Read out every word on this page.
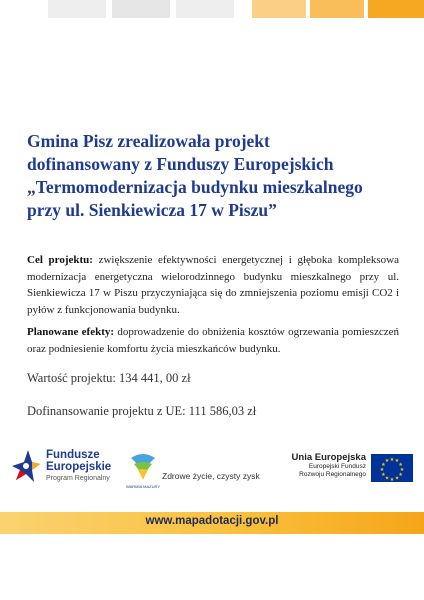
Gmina Pisz zrealizowała projekt
dofinansowany z Funduszy Europejskich
„Termomodernizacja budynku mieszkalnego
przy ul. Sienkiewicza 17 w Piszu”

Cel projektu: zwiększenie efektywności energetycznej i głęboka kompleksowa modernizacja energetyczna wielorodzinnego budynku mieszkalnego przy ul. Sienkiewicza 17 w Piszu przyczyniająca się do zmniejszenia poziomu emisji CO2 i pyłów z funkcjonowania budynku.

Planowane efekty: doprowadzenie do obniżenia kosztów ogrzewania pomieszczeń oraz podniesienie komfortu życia mieszkańców budynku.

Wartość projektu: 134 441, 00 zł
Dofinansowanie projektu z UE: 111 586,03 zł
Fundusze
Europejskie
Program Regionalny
WARMIA MAZURY
Zdrowe życie, czysty zysk
Unia Europejska
Europejski Fundusz
Rozwoju Regionalnego
★ ★
★
★
★
★
★
★
★
★
★
★
www.mapadotacji.gov.pl
